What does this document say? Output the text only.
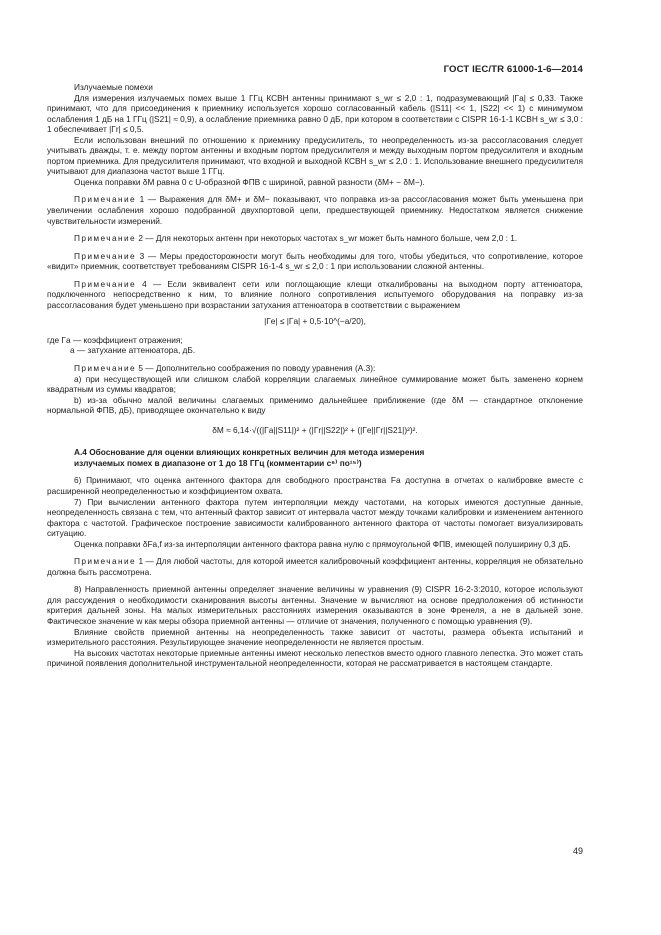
ГОСТ IEC/TR 61000-1-6—2014

Излучаемые помехи

Для измерения излучаемых помех выше 1 ГГц КСВН антенны принимают s_wr ≤ 2,0 : 1, подразумевающий |Γa| ≤ 0,33. Также принимают, что для присоединения к приемнику используется хорошо согласованный кабель (|S11| << 1, |S22| << 1) с минимумом ослабления 1 дБ на 1 ГГц (|S21| ≈ 0,9), а ослабление приемника равно 0 дБ, при котором в соответствии с CISPR 16-1-1 КСВН s_wr ≤ 3,0 : 1 обеспечивает |Γr| ≤ 0,5.

Если использован внешний по отношению к приемнику предусилитель, то неопределенность из-за рассогласования следует учитывать дважды, т. е. между портом антенны и входным портом предусилителя и между выходным портом предусилителя и входным портом приемника. Для предусилителя принимают, что входной и выходной КСВН s_wr ≤ 2,0 : 1. Использование внешнего предусилителя учитывают для диапазона частот выше 1 ГГц.

Оценка поправки δM равна 0 с U-образной ФПВ с шириной, равной разности (δM+ − δM−).

Примечание 1 — Выражения для δM+ и δM− показывают, что поправка из-за рассогласования может быть уменьшена при увеличении ослабления хорошо подобранной двухпортовой цепи, предшествующей приемнику. Недостатком является снижение чувствительности измерений.

Примечание 2 — Для некоторых антенн при некоторых частотах s_wr может быть намного больше, чем 2,0 : 1.

Примечание 3 — Меры предосторожности могут быть необходимы для того, чтобы убедиться, что сопротивление, которое «видит» приемник, соответствует требованиям CISPR 16-1-4 s_wr ≤ 2,0 : 1 при использовании сложной антенны.

Примечание 4 — Если эквивалент сети или поглощающие клещи откалиброваны на выходном порту аттенюатора, подключенного непосредственно к ним, то влияние полного сопротивления испытуемого оборудования на поправку из-за рассогласования будет уменьшено при возрастании затухания аттенюатора в соответствии с выражением

|Γe| ≤ |Γa| + 0,5·10^(−a/20),

где Γa — коэффициент отражения;

a — затухание аттенюатора, дБ.

Примечание 5 — Дополнительно соображения по поводу уравнения (А.3):

а) при несуществующей или слишком слабой корреляции слагаемых линейное суммирование может быть заменено корнем квадратным из суммы квадратов;

b) из-за обычно малой величины слагаемых применимо дальнейшее приближение (где δM — стандартное отклонение нормальной ФПВ, дБ), приводящее окончательно к виду

δM ≈ 6,14·√((|Γa||S11|)² + (|Γr||S22|)² + (|Γe||Γr||S21|)²)².

А.4 Обоснование для оценки влияющих конкретных величин для метода измерения

излучаемых помех в диапазоне от 1 до 18 ГГц (комментарии с⁶⁾ по¹⁵⁾)

6) Принимают, что оценка антенного фактора для свободного пространства Fa доступна в отчетах о калибровке вместе с расширенной неопределенностью и коэффициентом охвата.

7) При вычислении антенного фактора путем интерполяции между частотами, на которых имеются доступные данные, неопределенность связана с тем, что антенный фактор зависит от интервала частот между точками калибровки и изменением антенного фактора с частотой. Графическое построение зависимости калиброванного антенного фактора от частоты помогает визуализировать ситуацию.

Оценка поправки δFa,f из-за интерполяции антенного фактора равна нулю с прямоугольной ФПВ, имеющей полуширину 0,3 дБ.

Примечание 1 — Для любой частоты, для которой имеется калибровочный коэффициент антенны, корреляция не обязательно должна быть рассмотрена.

8) Направленность приемной антенны определяет значение величины w уравнения (9) CISPR 16-2-3:2010, которое используют для рассуждения о необходимости сканирования высоты антенны. Значение w вычисляют на основе предположения об истинности критерия дальней зоны. На малых измерительных расстояниях измерения оказываются в зоне Френеля, а не в дальней зоне. Фактическое значение w как меры обзора приемной антенны — отличие от значения, полученного с помощью уравнения (9).

Влияние свойств приемной антенны на неопределенность также зависит от частоты, размера объекта испытаний и измерительного расстояния. Результирующее значение неопределенности не является простым.

На высоких частотах некоторые приемные антенны имеют несколько лепестков вместо одного главного лепестка. Это может стать причиной появления дополнительной инструментальной неопределенности, которая не рассматривается в настоящем стандарте.

49
